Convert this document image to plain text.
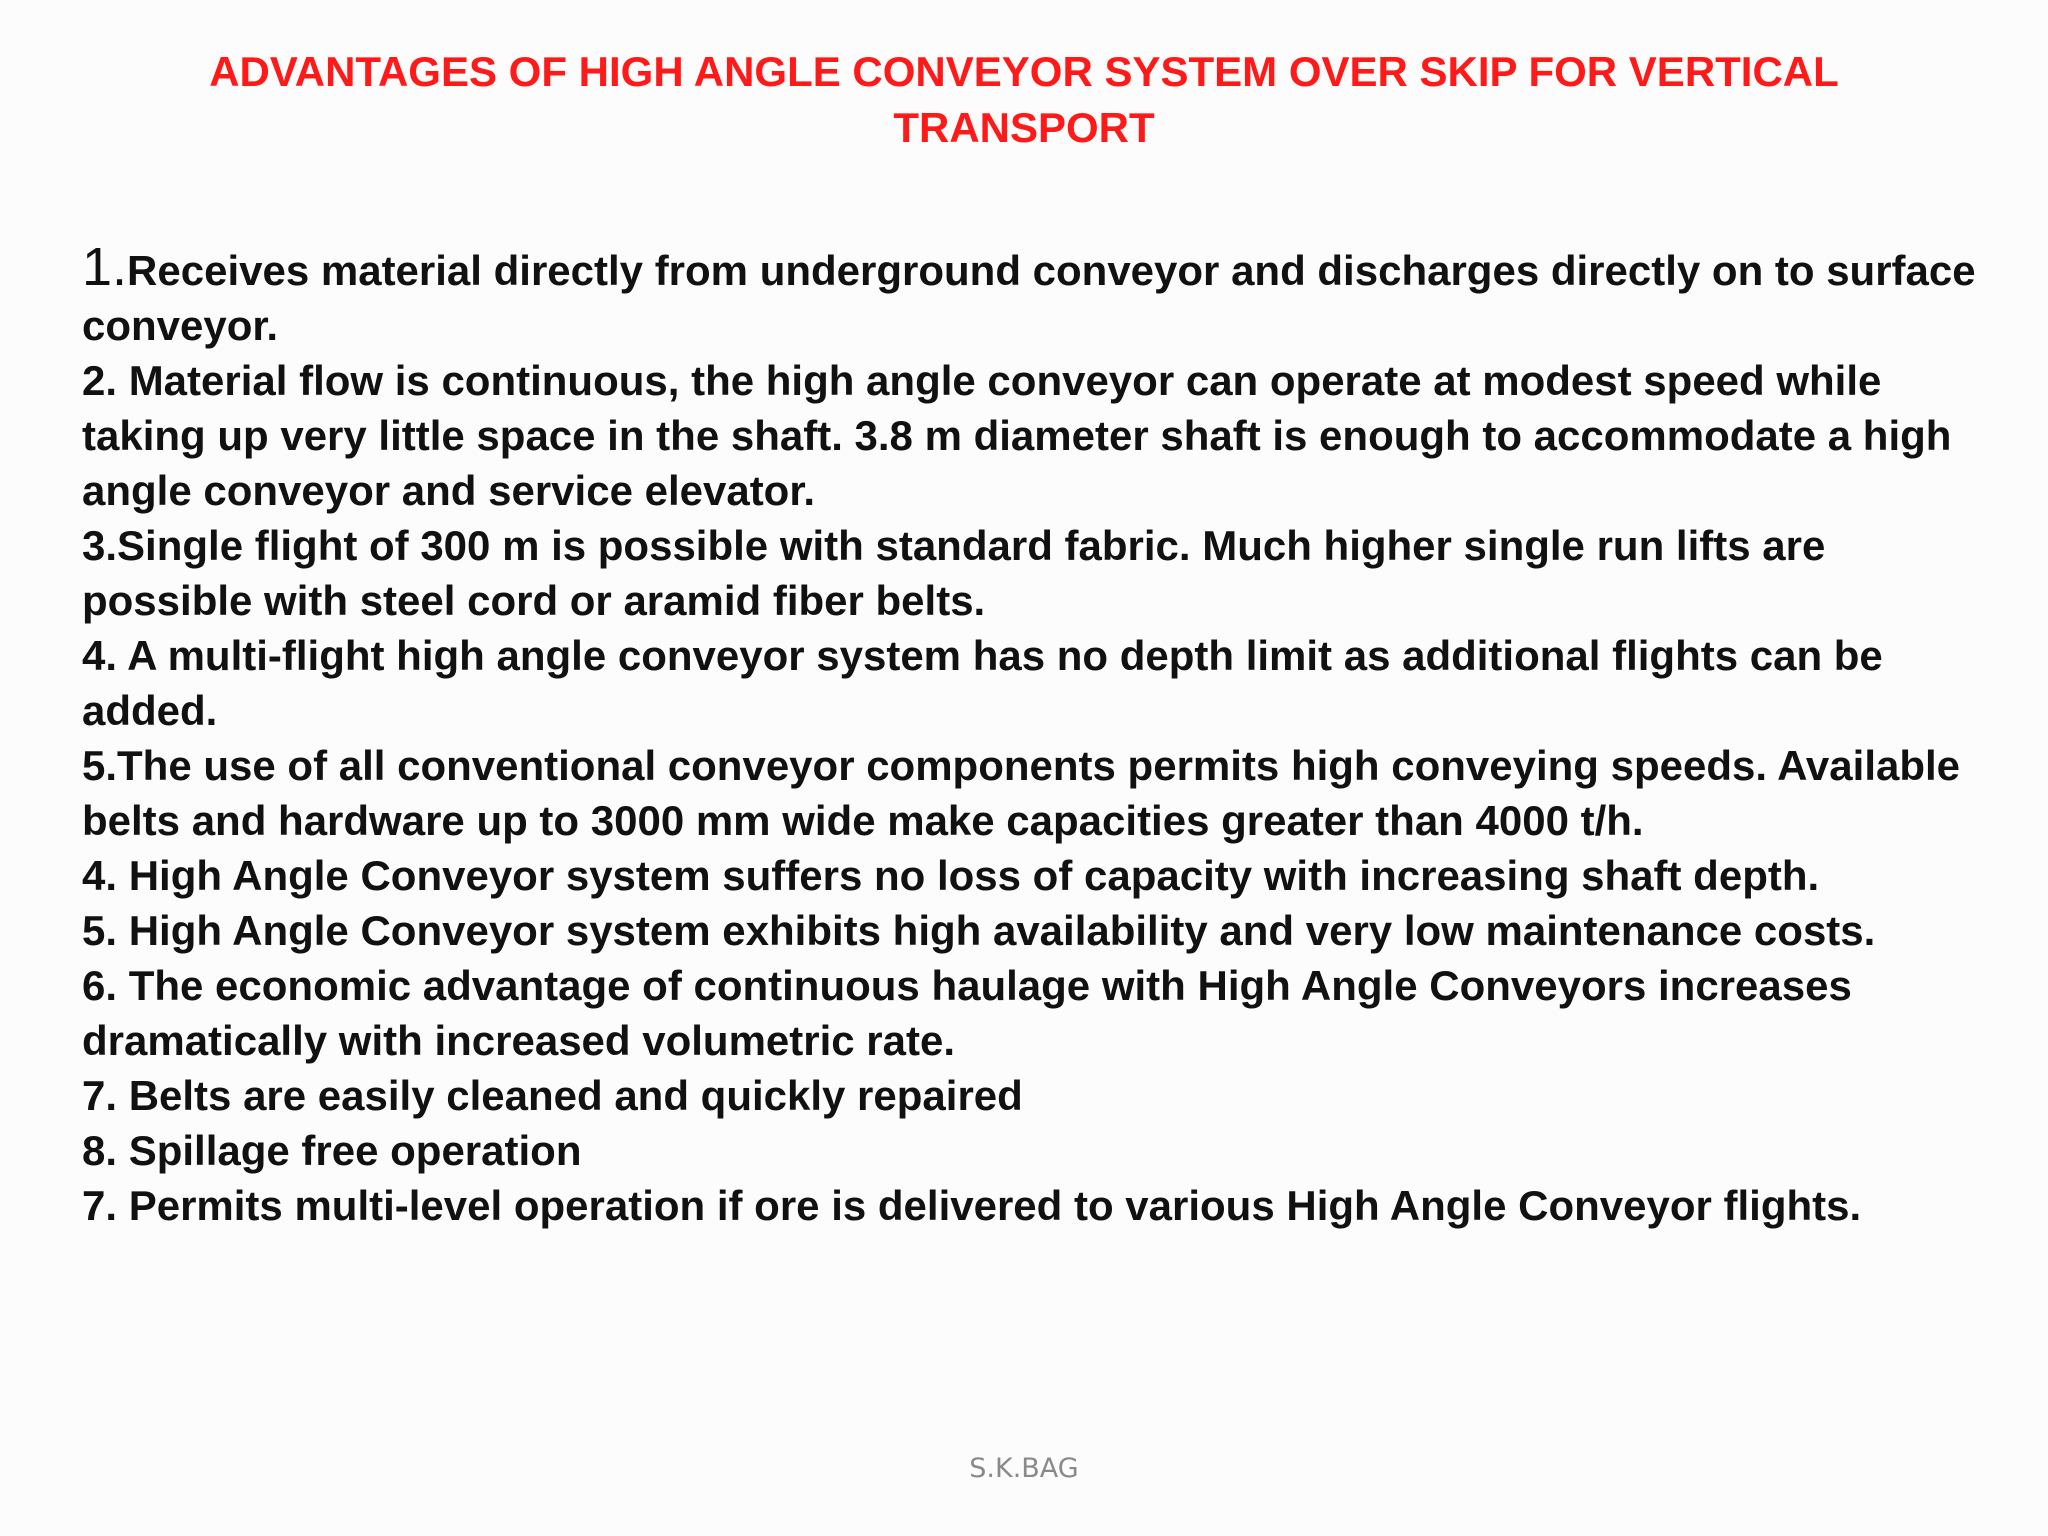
ADVANTAGES OF HIGH ANGLE CONVEYOR SYSTEM OVER SKIP FOR VERTICAL TRANSPORT

1.Receives material directly from underground conveyor and discharges directly on to surface conveyor.

2. Material flow is continuous, the high angle conveyor can operate at modest speed while taking up very little space in the shaft. 3.8 m diameter shaft is enough to accommodate a high angle conveyor and service elevator.

3.Single flight of 300 m is possible with standard fabric. Much higher single run lifts are possible with steel cord or aramid fiber belts.

4. A multi-flight high angle conveyor system has no depth limit as additional flights can be added.

5.The use of all conventional conveyor components permits high conveying speeds. Available belts and hardware up to 3000 mm wide make capacities greater than 4000 t/h.

4. High Angle Conveyor system suffers no loss of capacity with increasing shaft depth.

5. High Angle Conveyor system exhibits high availability and very low maintenance costs.

6. The economic advantage of continuous haulage with High Angle Conveyors increases dramatically with increased volumetric rate.

7. Belts are easily cleaned and quickly repaired

8. Spillage free operation

7. Permits multi-level operation if ore is delivered to various High Angle Conveyor flights.

S.K.BAG
